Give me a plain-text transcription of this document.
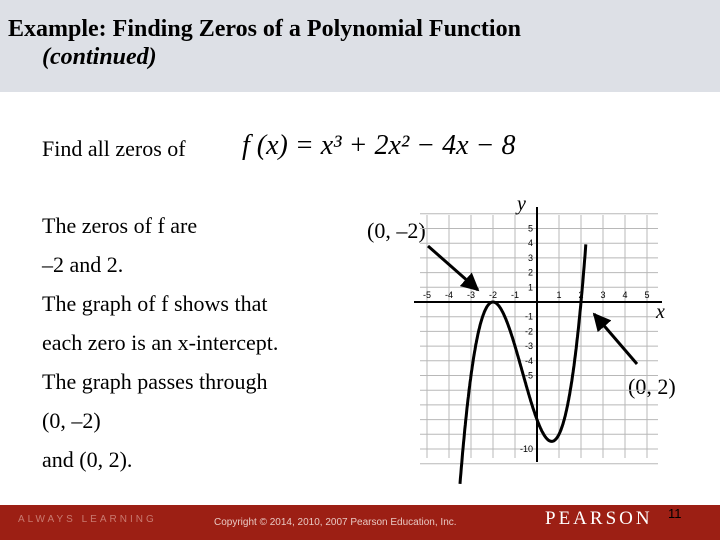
Example: Finding Zeros of a Polynomial Function
(continued)
Find all zeros of f (x) = x³ + 2x² − 4x − 8
The zeros of f are
–2 and 2.
The graph of f shows that
each zero is an x-intercept.
The graph passes through
(0, –2)
and (0, 2).
(0, –2)
(0, 2)
x
y
-5 -4 -3 -2 -1	1 2 3 4 5
5
4
3
2
1
-1
-2
-3
-4
-5
-10
ALWAYS LEARNING	Copyright © 2014, 2010, 2007 Pearson Education, Inc.	PEARSON 11
